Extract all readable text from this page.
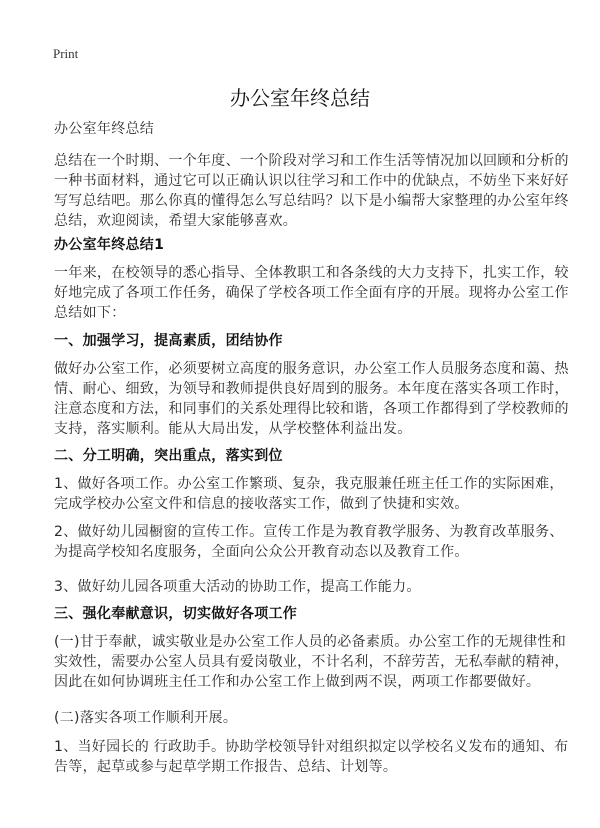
Print
办公室年终总结
办公室年终总结
总结在一个时期、一个年度、一个阶段对学习和工作生活等情况加以回顾和分析的
一种书面材料，通过它可以正确认识以往学习和工作中的优缺点，不妨坐下来好好
写写总结吧。那么你真的懂得怎么写总结吗？以下是小编帮大家整理的办公室年终
总结，欢迎阅读，希望大家能够喜欢。
办公室年终总结1
一年来，在校领导的悉心指导、全体教职工和各条线的大力支持下，扎实工作，较
好地完成了各项工作任务，确保了学校各项工作全面有序的开展。现将办公室工作
总结如下：
一、加强学习，提高素质，团结协作
做好办公室工作，必须要树立高度的服务意识，办公室工作人员服务态度和蔼、热
情、耐心、细致，为领导和教师提供良好周到的服务。本年度在落实各项工作时，
注意态度和方法，和同事们的关系处理得比较和谐，各项工作都得到了学校教师的
支持，落实顺利。能从大局出发，从学校整体利益出发。
二、分工明确，突出重点，落实到位
1、做好各项工作。办公室工作繁琐、复杂，我克服兼任班主任工作的实际困难，
完成学校办公室文件和信息的接收落实工作，做到了快捷和实效。
2、做好幼儿园橱窗的宣传工作。宣传工作是为教育教学服务、为教育改革服务、
为提高学校知名度服务，全面向公众公开教育动态以及教育工作。
3、做好幼儿园各项重大活动的协助工作，提高工作能力。
三、强化奉献意识，切实做好各项工作
(一)甘于奉献，诚实敬业是办公室工作人员的必备素质。办公室工作的无规律性和
实效性，需要办公室人员具有爱岗敬业，不计名利，不辞劳苦，无私奉献的精神，
因此在如何协调班主任工作和办公室工作上做到两不误，两项工作都要做好。
(二)落实各项工作顺利开展。
1、当好园长的 行政助手。协助学校领导针对组织拟定以学校名义发布的通知、布
告等，起草或参与起草学期工作报告、总结、计划等。
